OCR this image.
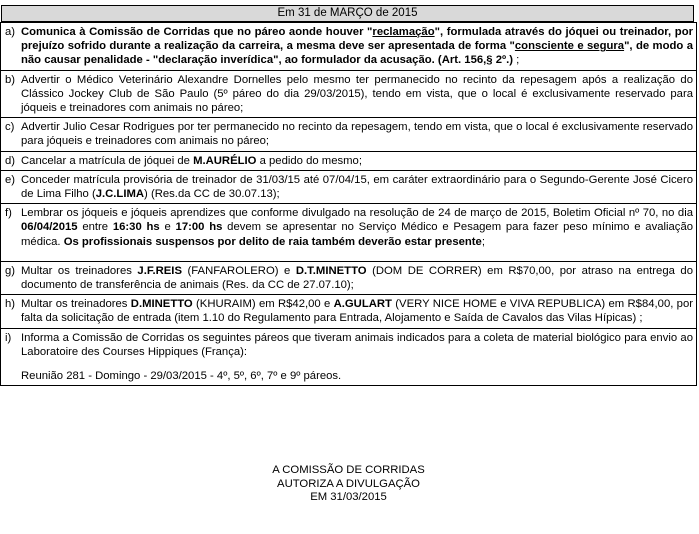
Em 31 de MARÇO de 2015
a) Comunica à Comissão de Corridas que no páreo aonde houver "reclamação", formulada através do jóquei ou treinador, por prejuízo sofrido durante a realização da carreira, a mesma deve ser apresentada de forma "consciente e segura", de modo a não causar penalidade - "declaração inverídica", ao formulador da acusação. (Art. 156,§ 2º.) ;
b) Advertir o Médico Veterinário Alexandre Dornelles pelo mesmo ter permanecido no recinto da repesagem após a realização do Clássico Jockey Club de São Paulo (5º páreo do dia 29/03/2015), tendo em vista, que o local é exclusivamente reservado para jóqueis e treinadores com animais no páreo;
c) Advertir Julio Cesar Rodrigues por ter permanecido no recinto da repesagem, tendo em vista, que o local é exclusivamente reservado para jóqueis e treinadores com animais no páreo;
d) Cancelar a matrícula de jóquei de M.AURÉLIO a pedido do mesmo;
e) Conceder matrícula provisória de treinador de 31/03/15 até 07/04/15, em caráter extraordinário para o Segundo-Gerente José Cicero de Lima Filho (J.C.LIMA) (Res.da CC de 30.07.13);
f) Lembrar os jóqueis e jóqueis aprendizes que conforme divulgado na resolução de 24 de março de 2015, Boletim Oficial nº 70, no dia 06/04/2015 entre 16:30 hs e 17:00 hs devem se apresentar no Serviço Médico e Pesagem para fazer peso mínimo e avaliação médica. Os profissionais suspensos por delito de raia também deverão estar presente;
g) Multar os treinadores J.F.REIS (FANFAROLERO) e D.T.MINETTO (DOM DE CORRER) em R$70,00, por atraso na entrega do documento de transferência de animais (Res. da CC de 27.07.10);
h) Multar os treinadores D.MINETTO (KHURAIM) em R$42,00 e A.GULART (VERY NICE HOME e VIVA REPUBLICA) em R$84,00, por falta da solicitação de entrada (item 1.10 do Regulamento para Entrada, Alojamento e Saída de Cavalos das Vilas Hípicas) ;
i) Informa a Comissão de Corridas os seguintes páreos que tiveram animais indicados para a coleta de material biológico para envio ao Laboratoire des Courses Hippiques (França):
Reunião 281 - Domingo - 29/03/2015 - 4º, 5º, 6º, 7º e 9º páreos.
A COMISSÃO DE CORRIDAS
AUTORIZA A DIVULGAÇÃO
EM 31/03/2015
